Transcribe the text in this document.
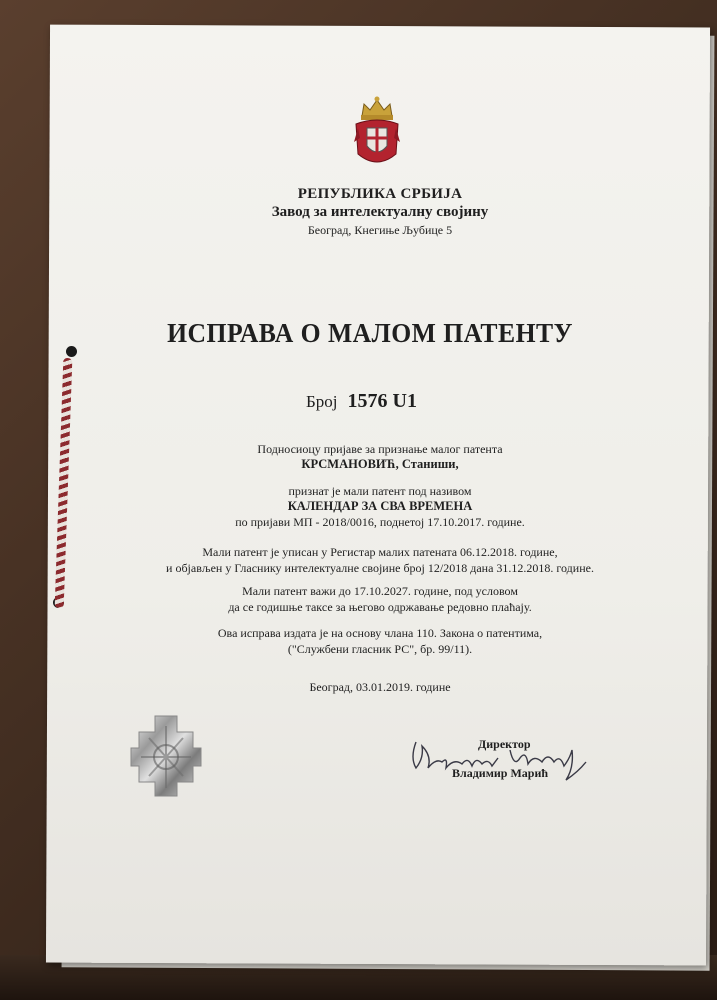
РЕПУБЛИКА СРБИЈА
Завод за интелектуалну својину
Београд, Кнегиње Љубице 5
ИСПРАВА О МАЛОМ ПАТЕНТУ
Број 1576 U1
Подносиоцу пријаве за признање малог патента
КРСМАНОВИЋ, Станиши,
признат је мали патент под називом
КАЛЕНДАР ЗА СВА ВРЕМЕНА
по пријави МП - 2018/0016, поднетој 17.10.2017. године.
Мали патент је уписан у Регистар малих патената 06.12.2018. године,
и објављен у Гласнику интелектуалне својине број 12/2018 дана 31.12.2018. године.
Мали патент важи до 17.10.2027. године, под условом
да се годишње таксе за његово одржавање редовно плаћају.
Ова исправа издата је на основу члана 110. Закона о патентима,
("Службени гласник РС", бр. 99/11).
Београд, 03.01.2019. године
Директор
Владимир Марић
